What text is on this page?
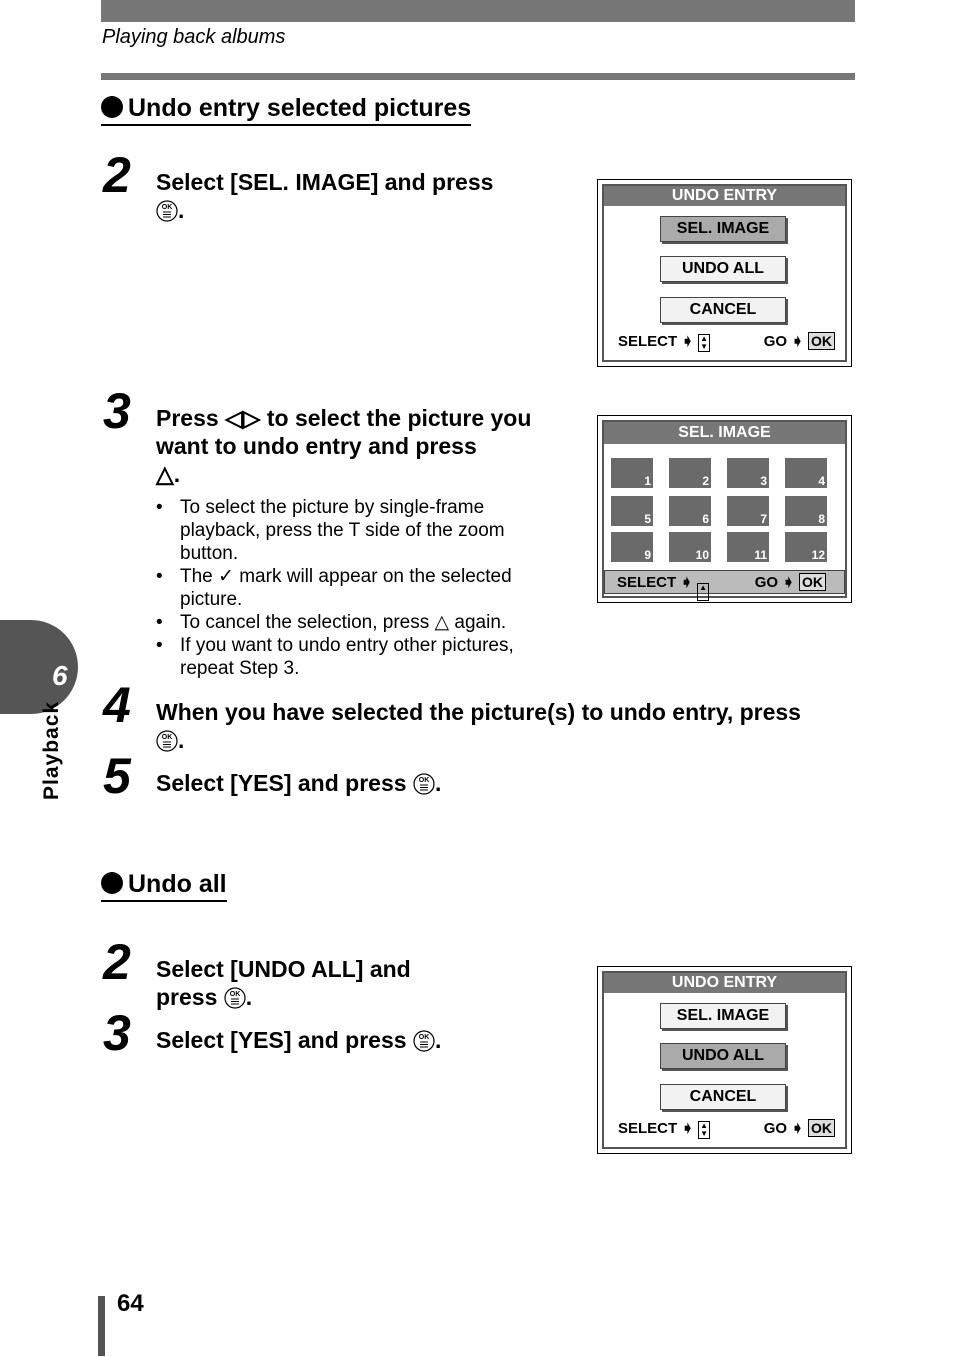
Playing back albums
Undo entry selected pictures
2 Select [SEL. IMAGE] and press

OK .
UNDO ENTRY
SEL. IMAGE
UNDO ALL
CANCEL
SELECT ➧ ▲
▼	GO ➧ OK
3 Press ◁▷ to select the picture you want to undo entry and press
△.
• To select the picture by single-frame playback, press the T side of the zoom button.
• The ✓ mark will appear on the selected picture.
• To cancel the selection, press △ again.
• If you want to undo entry other pictures, repeat Step 3.
SEL. IMAGE
1	2	3	4
5	6	7	8
9	10	11	12
SELECT ➧ ▲	GO ➧ OK
4 When you have selected the picture(s) to undo entry, press

OK .
5 Select [YES] and press OK .
Undo all
2 Select [UNDO ALL] and
press OK .
3 Select [YES] and press OK .
UNDO ENTRY
SEL. IMAGE
UNDO ALL
CANCEL
SELECT ➧ ▲
▼	GO ➧ OK
6
Playback
64
